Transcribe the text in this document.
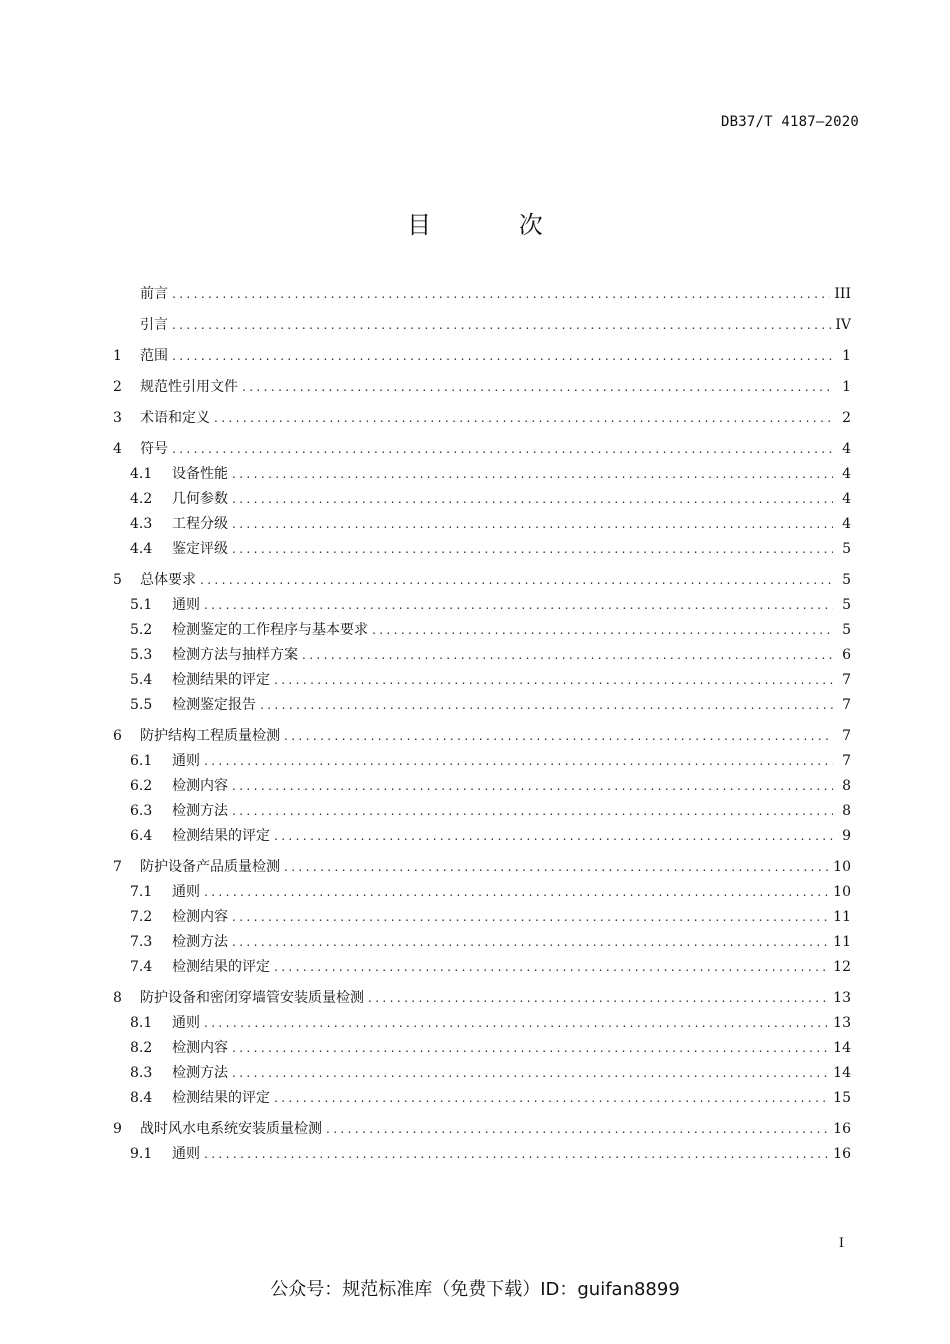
DB37/T 4187—2020
目 次
前言 .....	III
引言 .....	IV
1	范围 .....	1
2	规范性引用文件 .....	1
3	术语和定义 .....	2
4	符号 .....	4
4.1	设备性能 .....	4
4.2	几何参数 .....	4
4.3	工程分级 .....	4
4.4	鉴定评级 .....	5
5	总体要求 .....	5
5.1	通则 .....	5
5.2	检测鉴定的工作程序与基本要求 .....	5
5.3	检测方法与抽样方案 .....	6
5.4	检测结果的评定 .....	7
5.5	检测鉴定报告 .....	7
6	防护结构工程质量检测 .....	7
6.1	通则 .....	7
6.2	检测内容 .....	8
6.3	检测方法 .....	8
6.4	检测结果的评定 .....	9
7	防护设备产品质量检测 .....	10
7.1	通则 .....	10
7.2	检测内容 .....	11
7.3	检测方法 .....	11
7.4	检测结果的评定 .....	12
8	防护设备和密闭穿墙管安装质量检测 .....	13
8.1	通则 .....	13
8.2	检测内容 .....	14
8.3	检测方法 .....	14
8.4	检测结果的评定 .....	15
9	战时风水电系统安装质量检测 .....	16
9.1	通则 .....	16
I
公众号：规范标准库（免费下载）ID：guifan8899
